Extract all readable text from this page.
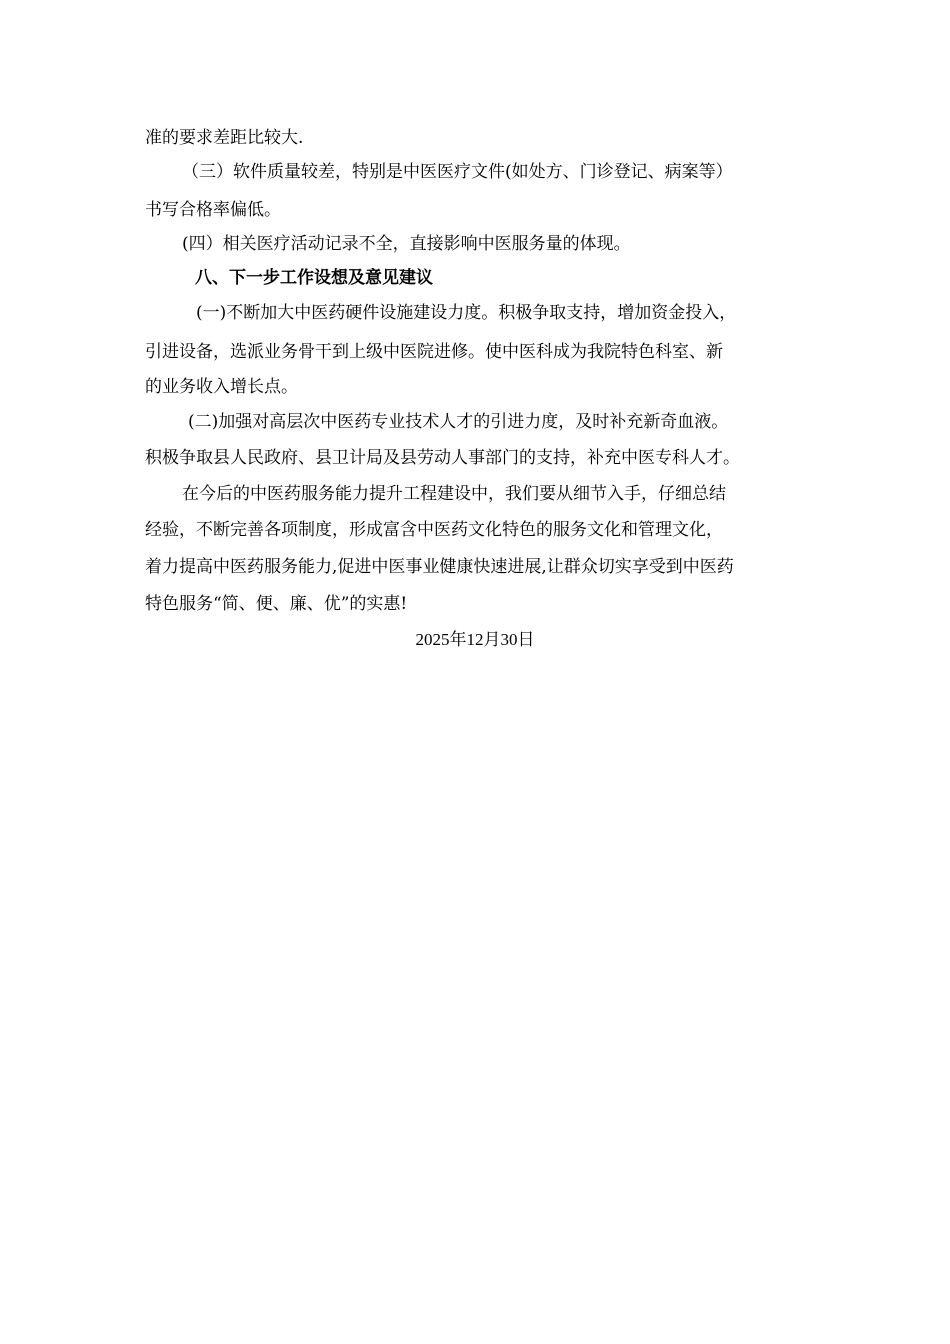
准的要求差距比较大.
（三）软件质量较差，特别是中医医疗文件(如处方、门诊登记、病案等）
书写合格率偏低。
(四）相关医疗活动记录不全，直接影响中医服务量的体现。
八、下一步工作设想及意见建议
(一)不断加大中医药硬件设施建设力度。积极争取支持，增加资金投入，
引进设备，选派业务骨干到上级中医院进修。使中医科成为我院特色科室、新
的业务收入增长点。
(二)加强对高层次中医药专业技术人才的引进力度，及时补充新奇血液。
积极争取县人民政府、县卫计局及县劳动人事部门的支持，补充中医专科人才。
在今后的中医药服务能力提升工程建设中，我们要从细节入手，仔细总结
经验，不断完善各项制度，形成富含中医药文化特色的服务文化和管理文化，
着力提高中医药服务能力,促进中医事业健康快速进展,让群众切实享受到中医药
特色服务“简、便、廉、优”的实惠!
2025年12月30日
